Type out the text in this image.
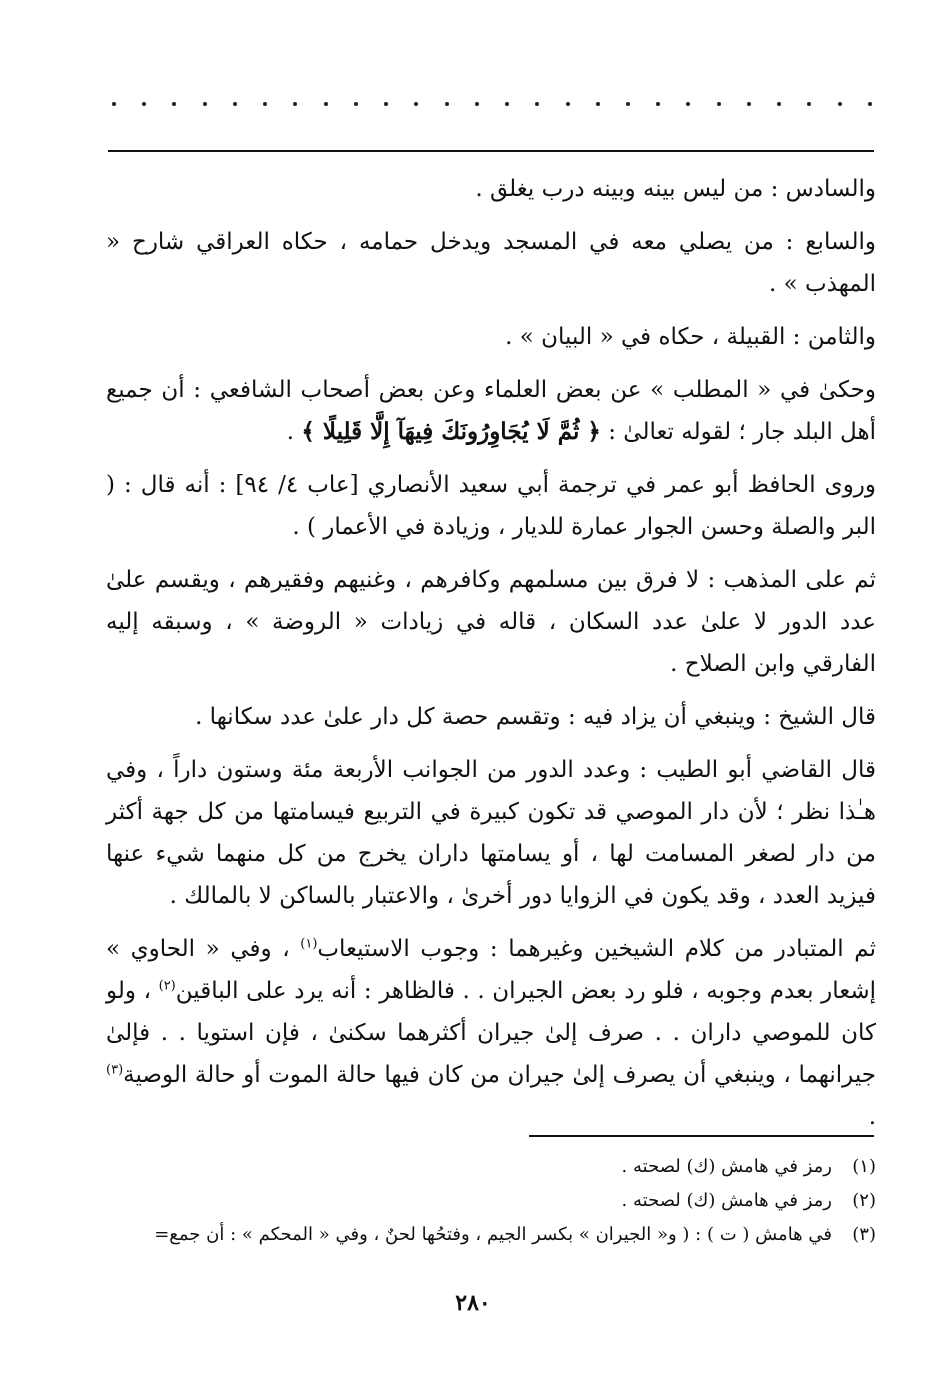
والسادس : من ليس بينه وبينه درب يغلق .

والسابع : من يصلي معه في المسجد ويدخل حمامه ، حكاه العراقي شارح « المهذب » .

والثامن : القبيلة ، حكاه في « البيان » .

وحكىٰ في « المطلب » عن بعض العلماء وعن بعض أصحاب الشافعي : أن جميع أهل البلد جار ؛ لقوله تعالىٰ : ﴿ ثُمَّ لَا يُجَاوِرُونَكَ فِيهَآ إِلَّا قَلِيلًا ﴾ .

وروى الحافظ أبو عمر في ترجمة أبي سعيد الأنصاري [عاب ٤/ ٩٤] : أنه قال : ( البر والصلة وحسن الجوار عمارة للديار ، وزيادة في الأعمار ) .

ثم على المذهب : لا فرق بين مسلمهم وكافرهم ، وغنيهم وفقيرهم ، ويقسم علىٰ عدد الدور لا علىٰ عدد السكان ، قاله في زيادات « الروضة » ، وسبقه إليه الفارقي وابن الصلاح .

قال الشيخ : وينبغي أن يزاد فيه : وتقسم حصة كل دار علىٰ عدد سكانها .

قال القاضي أبو الطيب : وعدد الدور من الجوانب الأربعة مئة وستون داراً ، وفي هـٰذا نظر ؛ لأن دار الموصي قد تكون كبيرة في التربيع فيسامتها من كل جهة أكثر من دار لصغر المسامت لها ، أو يسامتها داران يخرج من كل منهما شيء عنها فيزيد العدد ، وقد يكون في الزوايا دور أخرىٰ ، والاعتبار بالساكن لا بالمالك .

ثم المتبادر من كلام الشيخين وغيرهما : وجوب الاستيعاب$^{(١)}$ ، وفي « الحاوي » إشعار بعدم وجوبه ، فلو رد بعض الجيران . . فالظاهر : أنه يرد على الباقين$^{(٢)}$ ، ولو كان للموصي داران . . صرف إلىٰ جيران أكثرهما سكنىٰ ، فإن استويا . . فإلىٰ جيرانهما ، وينبغي أن يصرف إلىٰ جيران من كان فيها حالة الموت أو حالة الوصية$^{(٣)}$ .

(١)
رمز في هامش (ك) لصحته .
(٢)
رمز في هامش (ك) لصحته .
(٣)
في هامش ( ت ) : ( و« الجيران » بكسر الجيم ، وفتحُها لحنٌ ، وفي « المحكم » : أن جمع=
٢٨٠
